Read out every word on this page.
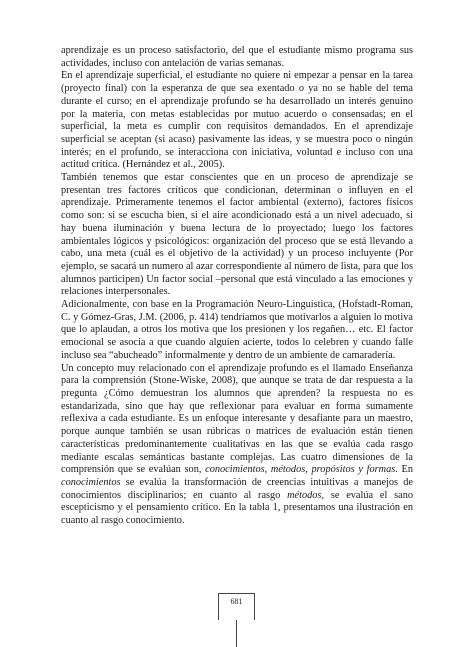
aprendizaje es un proceso satisfactorio, del que el estudiante mismo programa sus actividades, incluso con antelación de varias semanas.

En el aprendizaje superficial, el estudiante no quiere ni empezar a pensar en la tarea (proyecto final) con la esperanza de que sea exentado o ya no se hable del tema durante el curso; en el aprendizaje profundo se ha desarrollado un interés genuino por la materia, con metas establecidas por mutuo acuerdo o consensadas; en el superficial, la meta es cumplir con requisitos demandados. En el aprendizaje superficial se aceptan (si acaso) pasivamente las ideas, y se muestra poco o ningún interés; en el profundo, se interacciona con iniciativa, voluntad e incluso con una actitud crítica. (Hernández et al., 2005).

También tenemos que estar conscientes que en un proceso de aprendizaje se presentan tres factores críticos que condicionan, determinan o influyen en el aprendizaje. Primeramente tenemos el factor ambiental (externo), factores físicos como son: si se escucha bien, si el aire acondicionado está a un nivel adecuado, si hay buena iluminación y buena lectura de lo proyectado; luego los factores ambientales lógicos y psicológicos: organización del proceso que se está llevando a cabo, una meta (cuál es el objetivo de la actividad) y un proceso incluyente (Por ejemplo, se sacará un numero al azar correspondiente al número de lista, para que los alumnos participen) Un factor social –personal que está vinculado a las emociones y relaciones interpersonales.

Adicionalmente, con base en la Programación Neuro-Linguística, (Hofstadt-Roman, C. y Gómez-Gras, J.M. (2006, p. 414) tendríamos que motivarlos a alguien lo motiva que lo aplaudan, a otros los motiva que los presionen y los regañen… etc. El factor emocional se asocia a que cuando alguien acierte, todos lo celebren y cuando falle incluso sea “abucheado” informalmente y dentro de un ambiente de camaradería.

Un concepto muy relacionado con el aprendizaje profundo es el llamado Enseñanza para la comprensión (Stone-Wiske, 2008), que aunque se trata de dar respuesta a la pregunta ¿Cómo demuestran los alumnos que aprenden? la respuesta no es estandarizada, sino que hay que reflexionar para evaluar en forma sumamente reflexiva a cada estudiante. Es un enfoque interesante y desafiante para un maestro, porque aunque también se usan rúbricas o matrices de evaluación están tienen características predominantemente cualitativas en las que se evalúa cada rasgo mediante escalas semánticas bastante complejas. Las cuatro dimensiones de la comprensión que se evalúan son, conocimientos, métodos, propósitos y formas. En conocimientos se evalúa la transformación de creencias intuitivas a manejos de conocimientos disciplinarios; en cuanto al rasgo métodos, se evalúa el sano escepticismo y el pensamiento crítico. En la tabla 1, presentamos una ilustración en cuanto al rasgo conocimiento.

681
